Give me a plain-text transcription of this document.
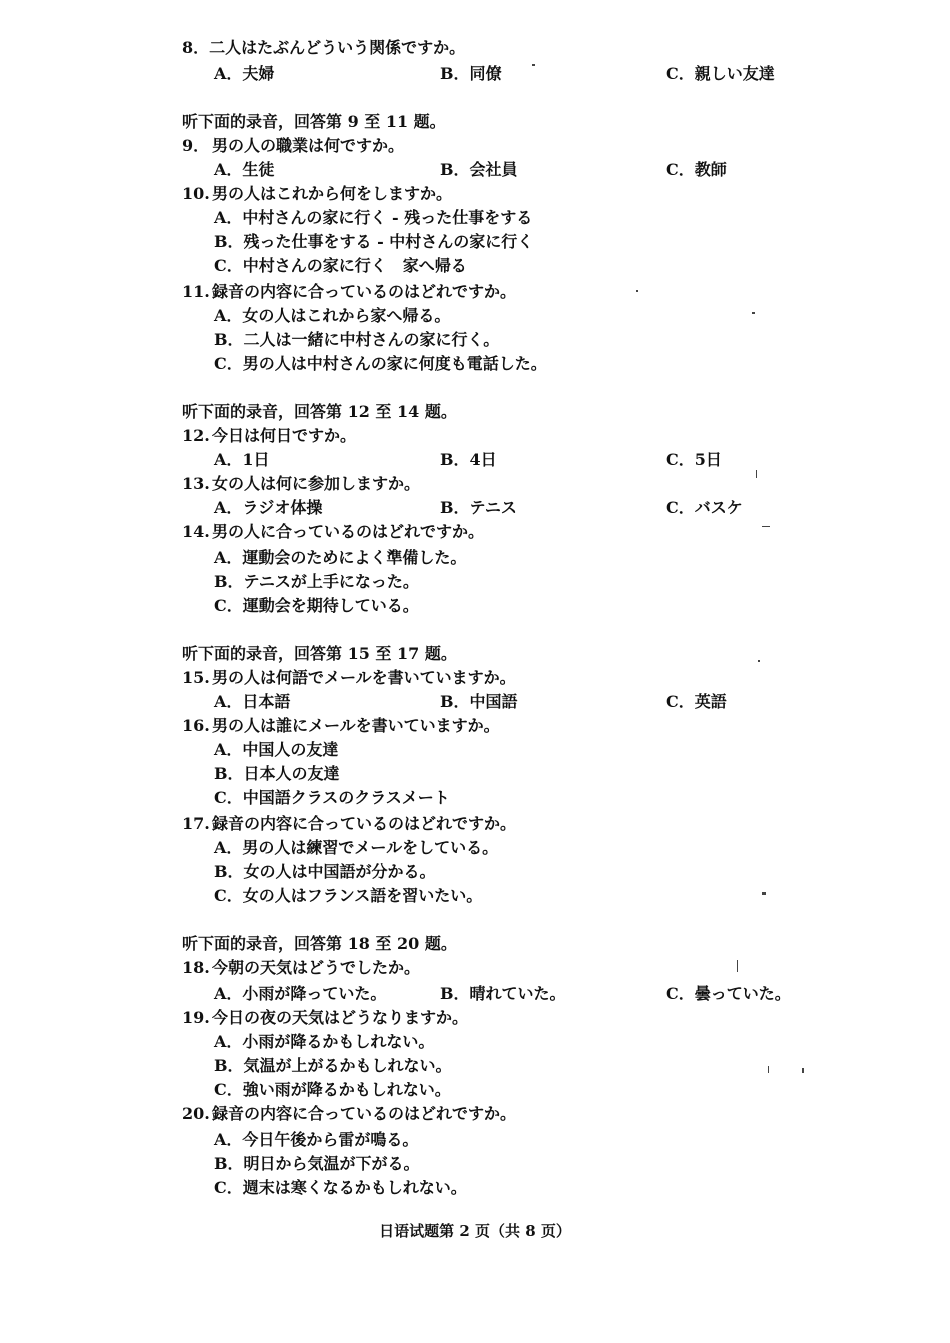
8．二人はたぶんどういう関係ですか。
A．夫婦	B．同僚	C．親しい友達
听下面的录音，回答第 9 至 11 题。
9． 男の人の職業は何ですか。
A．生徒	B．会社員	C．教師
10. 男の人はこれから何をしますか。
A．中村さんの家に行く - 残った仕事をする
B．残った仕事をする - 中村さんの家に行く
C．中村さんの家に行く　家へ帰る
11. 録音の内容に合っているのはどれですか。
A．女の人はこれから家へ帰る。
B．二人は一緒に中村さんの家に行く。
C．男の人は中村さんの家に何度も電話した。
听下面的录音，回答第 12 至 14 题。
12. 今日は何日ですか。
A．1日	B．4日	C．5日
13. 女の人は何に参加しますか。
A．ラジオ体操	B．テニス	C．バスケ
14. 男の人に合っているのはどれですか。
A．運動会のためによく準備した。
B．テニスが上手になった。
C．運動会を期待している。
听下面的录音，回答第 15 至 17 题。
15. 男の人は何語でメールを書いていますか。
A．日本語	B．中国語	C．英語
16. 男の人は誰にメールを書いていますか。
A．中国人の友達
B．日本人の友達
C．中国語クラスのクラスメート
17. 録音の内容に合っているのはどれですか。
A．男の人は練習でメールをしている。
B．女の人は中国語が分かる。
C．女の人はフランス語を習いたい。
听下面的录音，回答第 18 至 20 题。
18. 今朝の天気はどうでしたか。
A．小雨が降っていた。	B．晴れていた。	C．曇っていた。
19. 今日の夜の天気はどうなりますか。
A．小雨が降るかもしれない。
B．気温が上がるかもしれない。
C．強い雨が降るかもしれない。
20. 録音の内容に合っているのはどれですか。
A．今日午後から雷が鳴る。
B．明日から気温が下がる。
C．週末は寒くなるかもしれない。
日语试题第 2 页（共 8 页）
